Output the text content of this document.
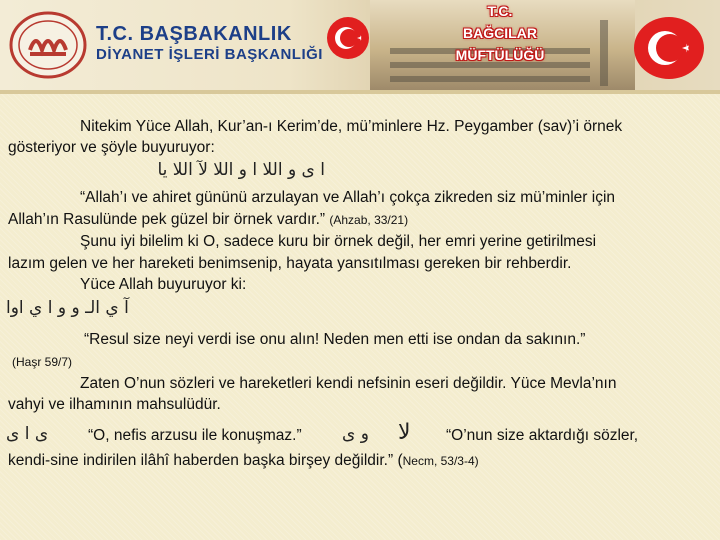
T.C. BAŞBAKANLIK
DİYANET İŞLERİ BAŞKANLIĞI
T.C.
BAĞCILAR
MÜFTÜLÜĞÜ
Nitekim Yüce Allah, Kur’an-ı Kerim’de, mü’minlere Hz. Peygamber (sav)’i örnek
gösteriyor ve şöyle buyuruyor:
ا ى و اللا ا و اللا لآ اللا يا
“Allah’ı ve ahiret gününü arzulayan ve Allah’ı çokça zikreden siz mü’minler için
Allah’ın Rasulünde pek güzel bir örnek vardır.” (Ahzab, 33/21)
Şunu iyi bilelim ki O, sadece kuru bir örnek değil, her emri yerine getirilmesi
lazım gelen ve her hareketi benimsenip, hayata yansıtılması gereken bir rehberdir.
Yüce Allah buyuruyor ki:
آ ي الـ و و ا ي اوا
“Resul size neyi verdi ise onu alın! Neden men etti ise ondan da sakının.”
(Haşr 59/7)
Zaten O’nun sözleri ve hareketleri kendi nefsinin eseri değildir. Yüce Mevla’nın
vahyi ve ilhamının mahsulüdür.
ى ا ى	“O, nefis arzusu ile konuşmaz.” و ى لا “O’nun size aktardığı sözler,
kendi-sine indirilen ilâhî haberden başka birşey değildir.” (Necm, 53/3-4)
